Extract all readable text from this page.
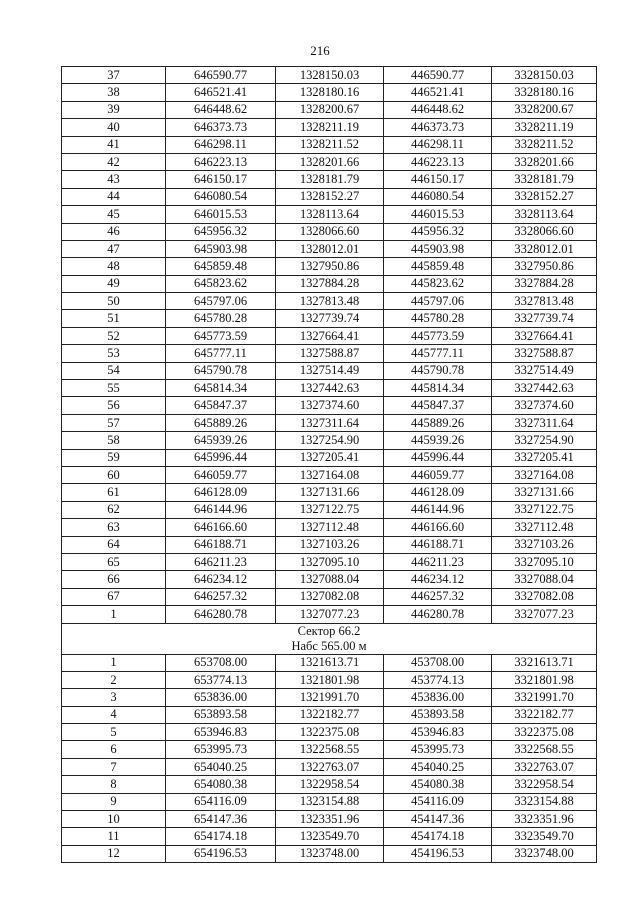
216
37	646590.77	1328150.03	446590.77	3328150.03
38	646521.41	1328180.16	446521.41	3328180.16
39	646448.62	1328200.67	446448.62	3328200.67
40	646373.73	1328211.19	446373.73	3328211.19
41	646298.11	1328211.52	446298.11	3328211.52
42	646223.13	1328201.66	446223.13	3328201.66
43	646150.17	1328181.79	446150.17	3328181.79
44	646080.54	1328152.27	446080.54	3328152.27
45	646015.53	1328113.64	446015.53	3328113.64
46	645956.32	1328066.60	445956.32	3328066.60
47	645903.98	1328012.01	445903.98	3328012.01
48	645859.48	1327950.86	445859.48	3327950.86
49	645823.62	1327884.28	445823.62	3327884.28
50	645797.06	1327813.48	445797.06	3327813.48
51	645780.28	1327739.74	445780.28	3327739.74
52	645773.59	1327664.41	445773.59	3327664.41
53	645777.11	1327588.87	445777.11	3327588.87
54	645790.78	1327514.49	445790.78	3327514.49
55	645814.34	1327442.63	445814.34	3327442.63
56	645847.37	1327374.60	445847.37	3327374.60
57	645889.26	1327311.64	445889.26	3327311.64
58	645939.26	1327254.90	445939.26	3327254.90
59	645996.44	1327205.41	445996.44	3327205.41
60	646059.77	1327164.08	446059.77	3327164.08
61	646128.09	1327131.66	446128.09	3327131.66
62	646144.96	1327122.75	446144.96	3327122.75
63	646166.60	1327112.48	446166.60	3327112.48
64	646188.71	1327103.26	446188.71	3327103.26
65	646211.23	1327095.10	446211.23	3327095.10
66	646234.12	1327088.04	446234.12	3327088.04
67	646257.32	1327082.08	446257.32	3327082.08
1	646280.78	1327077.23	446280.78	3327077.23

Сектор 66.2
Набс 565.00 м				

1	653708.00	1321613.71	453708.00	3321613.71
2	653774.13	1321801.98	453774.13	3321801.98
3	653836.00	1321991.70	453836.00	3321991.70
4	653893.58	1322182.77	453893.58	3322182.77
5	653946.83	1322375.08	453946.83	3322375.08
6	653995.73	1322568.55	453995.73	3322568.55
7	654040.25	1322763.07	454040.25	3322763.07
8	654080.38	1322958.54	454080.38	3322958.54
9	654116.09	1323154.88	454116.09	3323154.88
10	654147.36	1323351.96	454147.36	3323351.96
11	654174.18	1323549.70	454174.18	3323549.70
12	654196.53	1323748.00	454196.53	3323748.00
